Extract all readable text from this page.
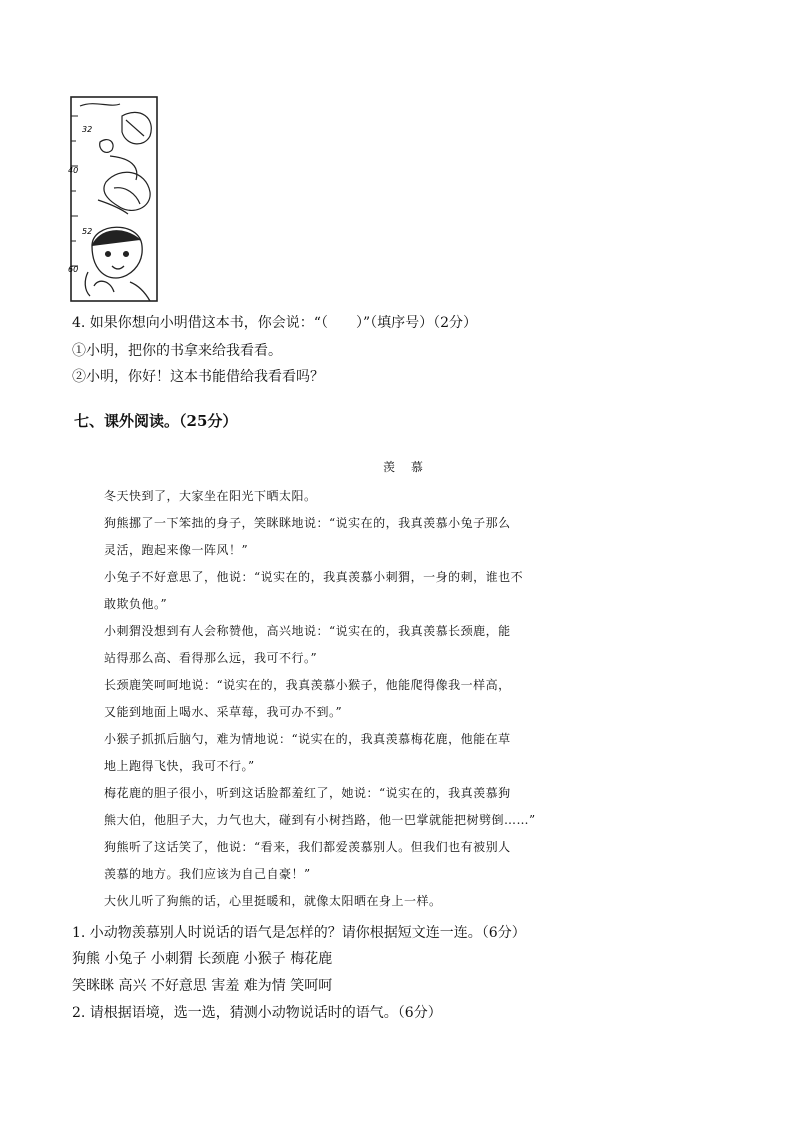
32
40
52
60
4. 如果你想向小明借这本书，你会说：“（　　）”（填序号）（2分）
①小明，把你的书拿来给我看看。
②小明，你好！这本书能借给我看看吗？
七、课外阅读。（25分）
羡 慕
冬天快到了，大家坐在阳光下晒太阳。
狗熊挪了一下笨拙的身子，笑眯眯地说：“说实在的，我真羡慕小兔子那么
灵活，跑起来像一阵风！”
小兔子不好意思了，他说：“说实在的，我真羡慕小刺猬，一身的刺，谁也不
敢欺负他。”
小刺猬没想到有人会称赞他，高兴地说：“说实在的，我真羡慕长颈鹿，能
站得那么高、看得那么远，我可不行。”
长颈鹿笑呵呵地说：“说实在的，我真羡慕小猴子，他能爬得像我一样高，
又能到地面上喝水、采草莓，我可办不到。”
小猴子抓抓后脑勺，难为情地说：“说实在的，我真羡慕梅花鹿，他能在草
地上跑得飞快，我可不行。”
梅花鹿的胆子很小，听到这话脸都羞红了，她说：“说实在的，我真羡慕狗
熊大伯，他胆子大，力气也大，碰到有小树挡路，他一巴掌就能把树劈倒……”
狗熊听了这话笑了，他说：“看来，我们都爱羡慕别人。但我们也有被别人
羡慕的地方。我们应该为自己自豪！”
大伙儿听了狗熊的话，心里挺暖和，就像太阳晒在身上一样。
1. 小动物羡慕别人时说话的语气是怎样的？请你根据短文连一连。（6分）
狗熊 小兔子 小刺猬 长颈鹿 小猴子 梅花鹿
笑眯眯 高兴 不好意思 害羞 难为情 笑呵呵
2. 请根据语境，选一选，猜测小动物说话时的语气。（6分）
